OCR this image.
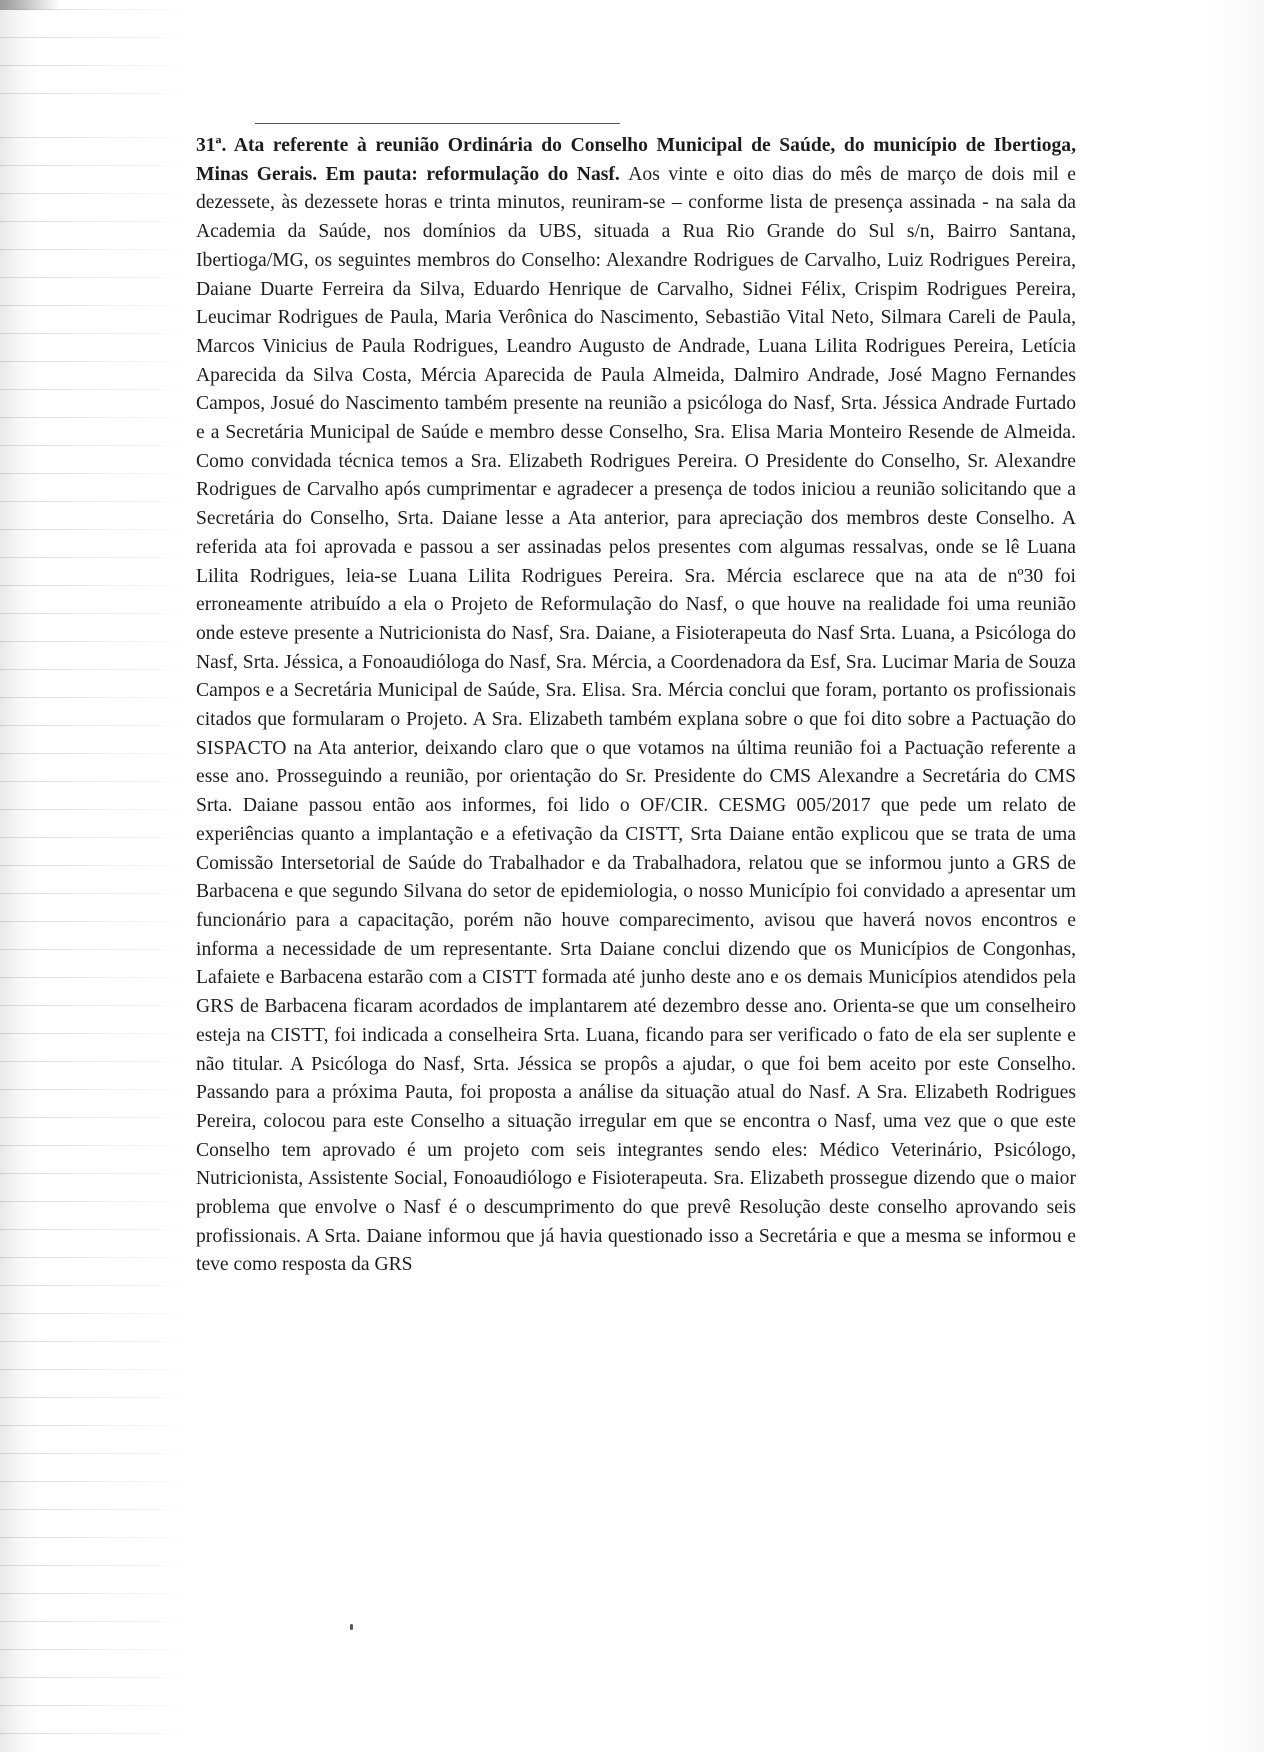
31ª. Ata referente à reunião Ordinária do Conselho Municipal de Saúde, do município de Ibertioga, Minas Gerais. Em pauta: reformulação do Nasf. Aos vinte e oito dias do mês de março de dois mil e dezessete, às dezessete horas e trinta minutos, reuniram-se – conforme lista de presença assinada - na sala da Academia da Saúde, nos domínios da UBS, situada a Rua Rio Grande do Sul s/n, Bairro Santana, Ibertioga/MG, os seguintes membros do Conselho: Alexandre Rodrigues de Carvalho, Luiz Rodrigues Pereira, Daiane Duarte Ferreira da Silva, Eduardo Henrique de Carvalho, Sidnei Félix, Crispim Rodrigues Pereira, Leucimar Rodrigues de Paula, Maria Verônica do Nascimento, Sebastião Vital Neto, Silmara Careli de Paula, Marcos Vinicius de Paula Rodrigues, Leandro Augusto de Andrade, Luana Lilita Rodrigues Pereira, Letícia Aparecida da Silva Costa, Mércia Aparecida de Paula Almeida, Dalmiro Andrade, José Magno Fernandes Campos, Josué do Nascimento também presente na reunião a psicóloga do Nasf, Srta. Jéssica Andrade Furtado e a Secretária Municipal de Saúde e membro desse Conselho, Sra. Elisa Maria Monteiro Resende de Almeida. Como convidada técnica temos a Sra. Elizabeth Rodrigues Pereira. O Presidente do Conselho, Sr. Alexandre Rodrigues de Carvalho após cumprimentar e agradecer a presença de todos iniciou a reunião solicitando que a Secretária do Conselho, Srta. Daiane lesse a Ata anterior, para apreciação dos membros deste Conselho. A referida ata foi aprovada e passou a ser assinadas pelos presentes com algumas ressalvas, onde se lê Luana Lilita Rodrigues, leia-se Luana Lilita Rodrigues Pereira. Sra. Mércia esclarece que na ata de nº30 foi erroneamente atribuído a ela o Projeto de Reformulação do Nasf, o que houve na realidade foi uma reunião onde esteve presente a Nutricionista do Nasf, Sra. Daiane, a Fisioterapeuta do Nasf Srta. Luana, a Psicóloga do Nasf, Srta. Jéssica, a Fonoaudióloga do Nasf, Sra. Mércia, a Coordenadora da Esf, Sra. Lucimar Maria de Souza Campos e a Secretária Municipal de Saúde, Sra. Elisa. Sra. Mércia conclui que foram, portanto os profissionais citados que formularam o Projeto. A Sra. Elizabeth também explana sobre o que foi dito sobre a Pactuação do SISPACTO na Ata anterior, deixando claro que o que votamos na última reunião foi a Pactuação referente a esse ano. Prosseguindo a reunião, por orientação do Sr. Presidente do CMS Alexandre a Secretária do CMS Srta. Daiane passou então aos informes, foi lido o OF/CIR. CESMG 005/2017 que pede um relato de experiências quanto a implantação e a efetivação da CISTT, Srta Daiane então explicou que se trata de uma Comissão Intersetorial de Saúde do Trabalhador e da Trabalhadora, relatou que se informou junto a GRS de Barbacena e que segundo Silvana do setor de epidemiologia, o nosso Município foi convidado a apresentar um funcionário para a capacitação, porém não houve comparecimento, avisou que haverá novos encontros e informa a necessidade de um representante. Srta Daiane conclui dizendo que os Municípios de Congonhas, Lafaiete e Barbacena estarão com a CISTT formada até junho deste ano e os demais Municípios atendidos pela GRS de Barbacena ficaram acordados de implantarem até dezembro desse ano. Orienta-se que um conselheiro esteja na CISTT, foi indicada a conselheira Srta. Luana, ficando para ser verificado o fato de ela ser suplente e não titular. A Psicóloga do Nasf, Srta. Jéssica se propôs a ajudar, o que foi bem aceito por este Conselho. Passando para a próxima Pauta, foi proposta a análise da situação atual do Nasf. A Sra. Elizabeth Rodrigues Pereira, colocou para este Conselho a situação irregular em que se encontra o Nasf, uma vez que o que este Conselho tem aprovado é um projeto com seis integrantes sendo eles: Médico Veterinário, Psicólogo, Nutricionista, Assistente Social, Fonoaudiólogo e Fisioterapeuta. Sra. Elizabeth prossegue dizendo que o maior problema que envolve o Nasf é o descumprimento do que prevê Resolução deste conselho aprovando seis profissionais. A Srta. Daiane informou que já havia questionado isso a Secretária e que a mesma se informou e teve como resposta da GRS
